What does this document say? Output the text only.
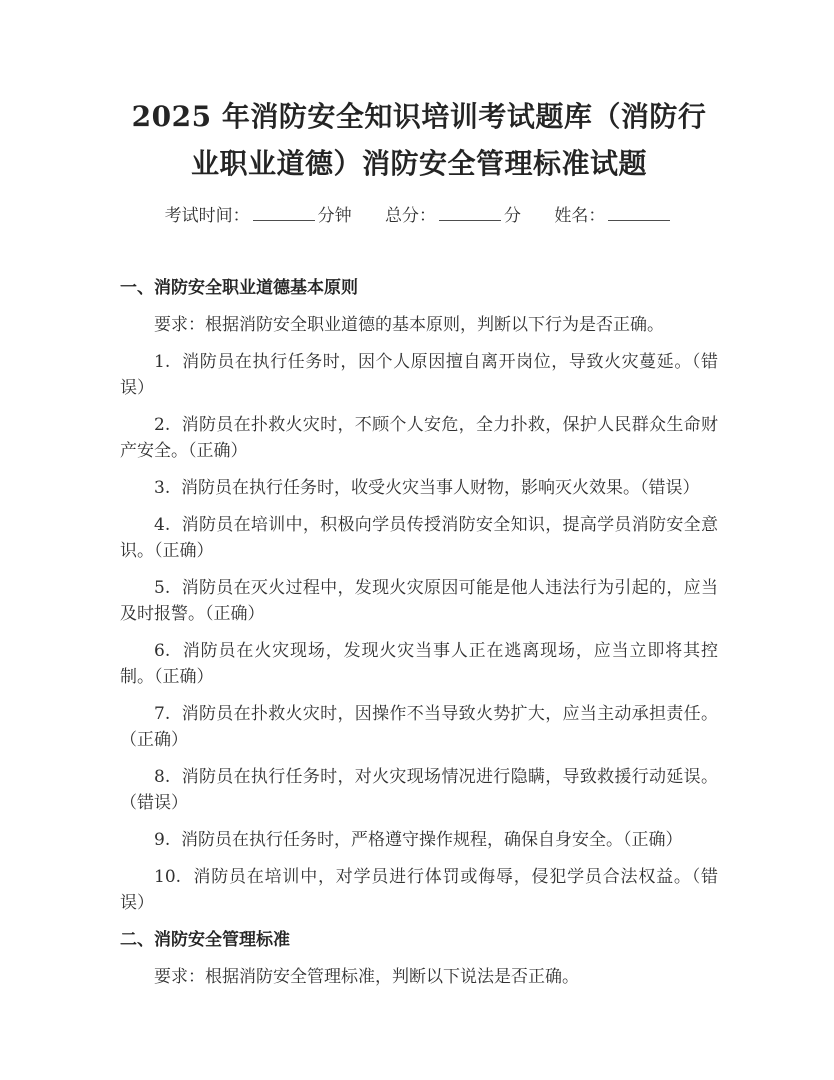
2025 年消防安全知识培训考试题库（消防行
业职业道德）消防安全管理标准试题
考试时间：	分钟 总分：	分 姓名：
一、消防安全职业道德基本原则

要求：根据消防安全职业道德的基本原则，判断以下行为是否正确。

1.  消防员在执行任务时，因个人原因擅自离开岗位，导致火灾蔓延。（错误）

2.  消防员在扑救火灾时，不顾个人安危，全力扑救，保护人民群众生命财产安全。（正确）

3.  消防员在执行任务时，收受火灾当事人财物，影响灭火效果。（错误）

4.  消防员在培训中，积极向学员传授消防安全知识，提高学员消防安全意识。（正确）

5.  消防员在灭火过程中，发现火灾原因可能是他人违法行为引起的，应当及时报警。（正确）

6.  消防员在火灾现场，发现火灾当事人正在逃离现场，应当立即将其控制。（正确）

7.  消防员在扑救火灾时，因操作不当导致火势扩大，应当主动承担责任。（正确）

8.  消防员在执行任务时，对火灾现场情况进行隐瞒，导致救援行动延误。（错误）

9.  消防员在执行任务时，严格遵守操作规程，确保自身安全。（正确）

10.  消防员在培训中，对学员进行体罚或侮辱，侵犯学员合法权益。（错误）

二、消防安全管理标准

要求：根据消防安全管理标准，判断以下说法是否正确。
